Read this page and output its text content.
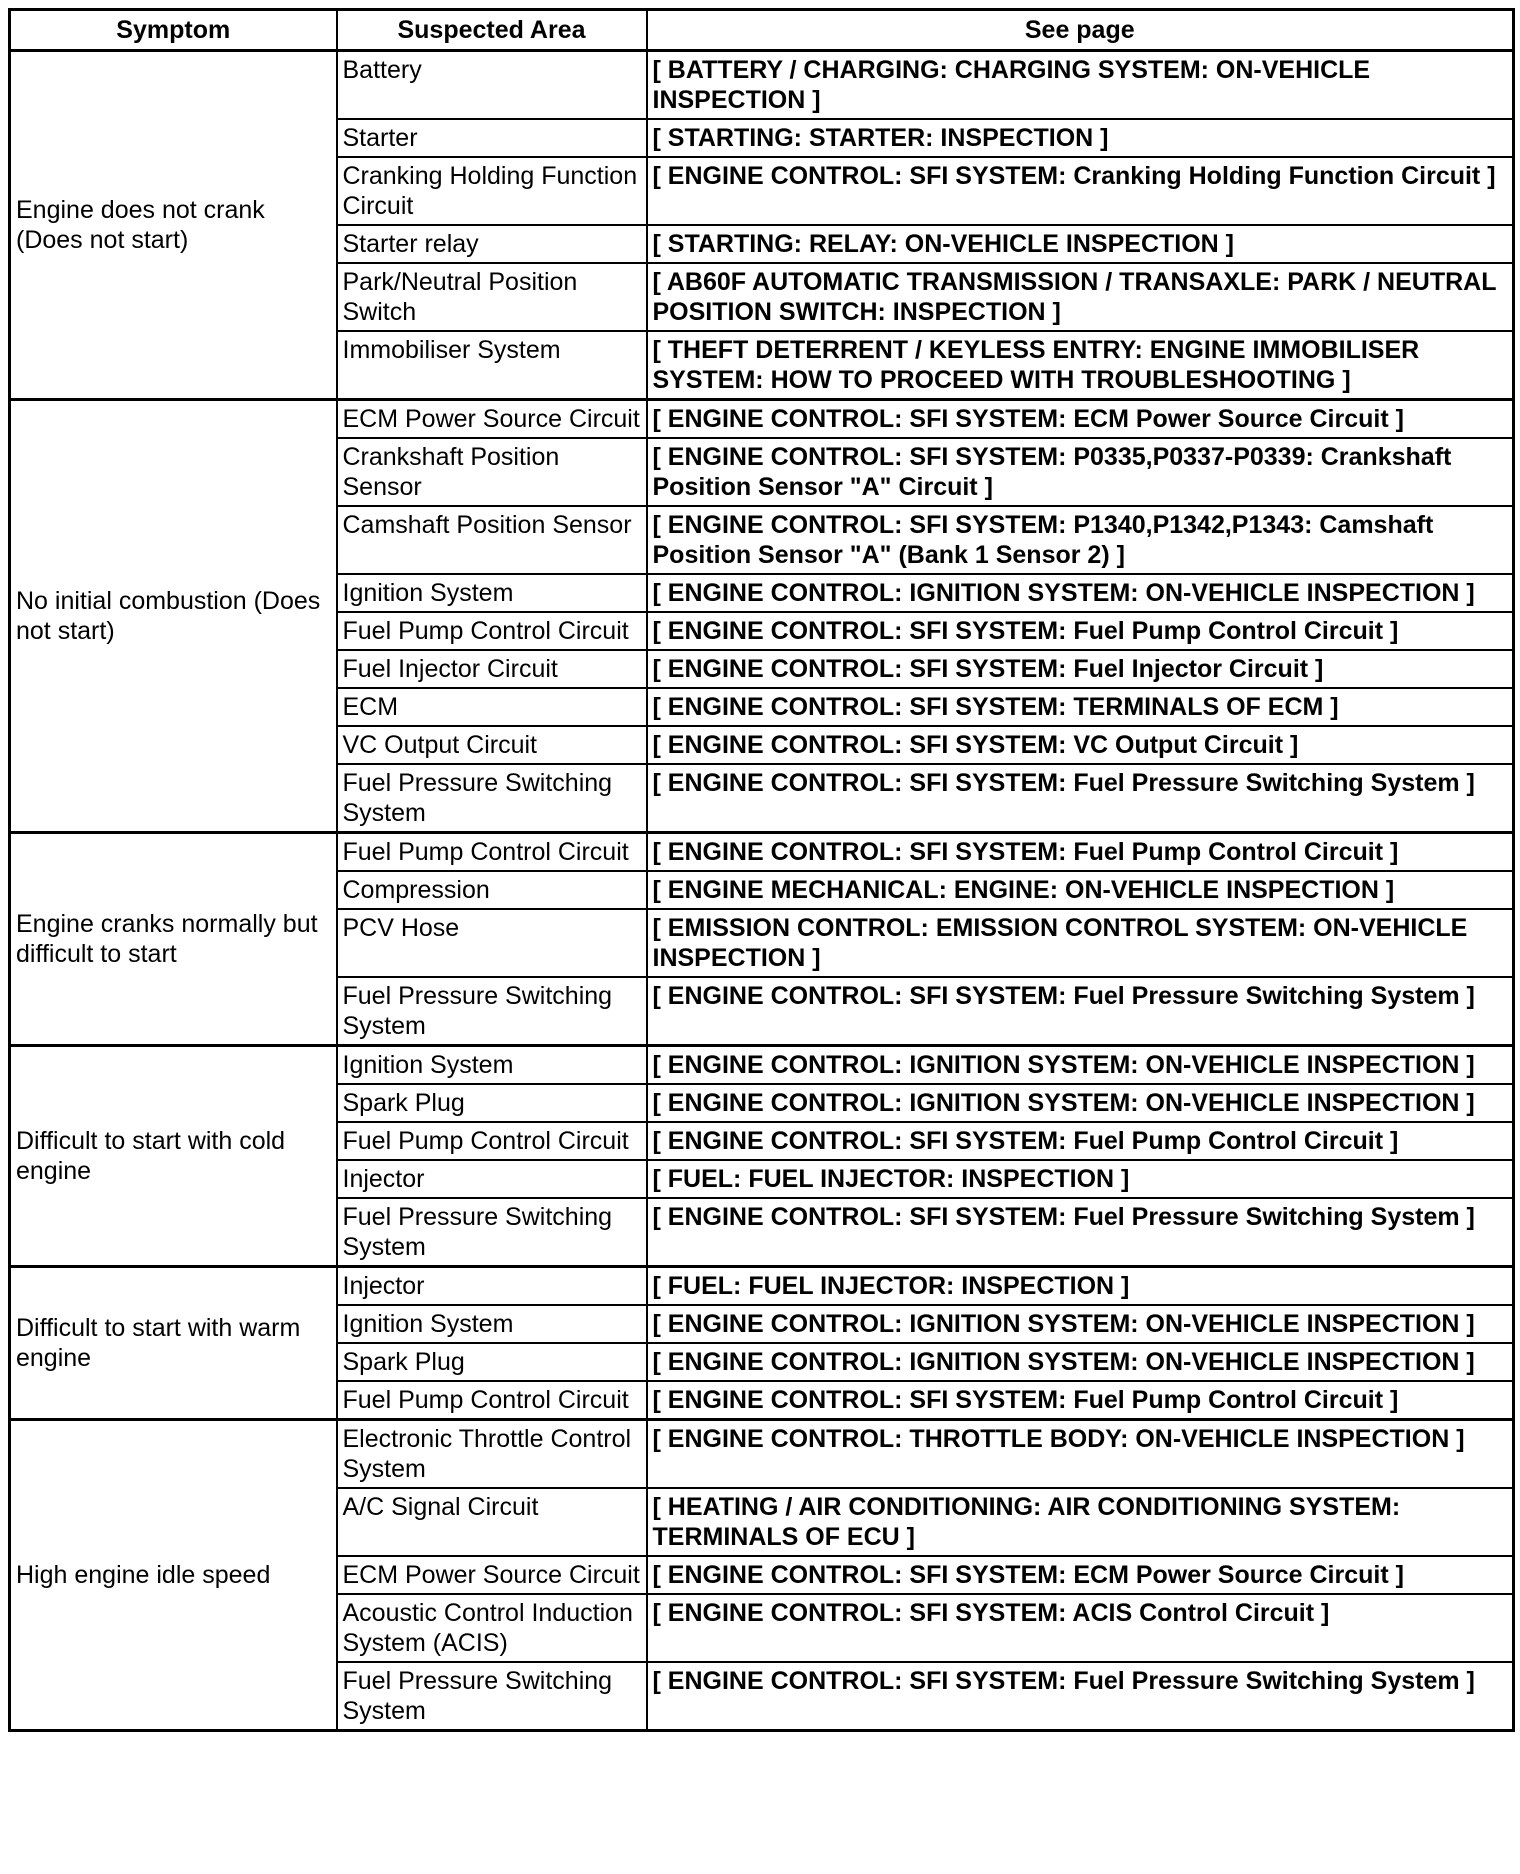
Symptom	Suspected Area	See page
Engine does not crank (Does not start)	Battery	[ BATTERY / CHARGING: CHARGING SYSTEM: ON-VEHICLE INSPECTION ]
	Starter	[ STARTING: STARTER: INSPECTION ]
	Cranking Holding Function Circuit	[ ENGINE CONTROL: SFI SYSTEM: Cranking Holding Function Circuit ]
	Starter relay	[ STARTING: RELAY: ON-VEHICLE INSPECTION ]
	Park/Neutral Position Switch	[ AB60F AUTOMATIC TRANSMISSION / TRANSAXLE: PARK / NEUTRAL POSITION SWITCH: INSPECTION ]
	Immobiliser System	[ THEFT DETERRENT / KEYLESS ENTRY: ENGINE IMMOBILISER SYSTEM: HOW TO PROCEED WITH TROUBLESHOOTING ]
No initial combustion (Does not start)	ECM Power Source Circuit	[ ENGINE CONTROL: SFI SYSTEM: ECM Power Source Circuit ]
	Crankshaft Position Sensor	[ ENGINE CONTROL: SFI SYSTEM: P0335,P0337-P0339: Crankshaft Position Sensor "A" Circuit ]
	Camshaft Position Sensor	[ ENGINE CONTROL: SFI SYSTEM: P1340,P1342,P1343: Camshaft Position Sensor "A" (Bank 1 Sensor 2) ]
	Ignition System	[ ENGINE CONTROL: IGNITION SYSTEM: ON-VEHICLE INSPECTION ]
	Fuel Pump Control Circuit	[ ENGINE CONTROL: SFI SYSTEM: Fuel Pump Control Circuit ]
	Fuel Injector Circuit	[ ENGINE CONTROL: SFI SYSTEM: Fuel Injector Circuit ]
	ECM	[ ENGINE CONTROL: SFI SYSTEM: TERMINALS OF ECM ]
	VC Output Circuit	[ ENGINE CONTROL: SFI SYSTEM: VC Output Circuit ]
	Fuel Pressure Switching System	[ ENGINE CONTROL: SFI SYSTEM: Fuel Pressure Switching System ]
Engine cranks normally but difficult to start	Fuel Pump Control Circuit	[ ENGINE CONTROL: SFI SYSTEM: Fuel Pump Control Circuit ]
	Compression	[ ENGINE MECHANICAL: ENGINE: ON-VEHICLE INSPECTION ]
	PCV Hose	[ EMISSION CONTROL: EMISSION CONTROL SYSTEM: ON-VEHICLE INSPECTION ]
	Fuel Pressure Switching System	[ ENGINE CONTROL: SFI SYSTEM: Fuel Pressure Switching System ]
Difficult to start with cold engine	Ignition System	[ ENGINE CONTROL: IGNITION SYSTEM: ON-VEHICLE INSPECTION ]
	Spark Plug	[ ENGINE CONTROL: IGNITION SYSTEM: ON-VEHICLE INSPECTION ]
	Fuel Pump Control Circuit	[ ENGINE CONTROL: SFI SYSTEM: Fuel Pump Control Circuit ]
	Injector	[ FUEL: FUEL INJECTOR: INSPECTION ]
	Fuel Pressure Switching System	[ ENGINE CONTROL: SFI SYSTEM: Fuel Pressure Switching System ]
Difficult to start with warm engine	Injector	[ FUEL: FUEL INJECTOR: INSPECTION ]
	Ignition System	[ ENGINE CONTROL: IGNITION SYSTEM: ON-VEHICLE INSPECTION ]
	Spark Plug	[ ENGINE CONTROL: IGNITION SYSTEM: ON-VEHICLE INSPECTION ]
	Fuel Pump Control Circuit	[ ENGINE CONTROL: SFI SYSTEM: Fuel Pump Control Circuit ]
High engine idle speed	Electronic Throttle Control System	[ ENGINE CONTROL: THROTTLE BODY: ON-VEHICLE INSPECTION ]
	A/C Signal Circuit	[ HEATING / AIR CONDITIONING: AIR CONDITIONING SYSTEM: TERMINALS OF ECU ]
	ECM Power Source Circuit	[ ENGINE CONTROL: SFI SYSTEM: ECM Power Source Circuit ]
	Acoustic Control Induction System (ACIS)	[ ENGINE CONTROL: SFI SYSTEM: ACIS Control Circuit ]
	Fuel Pressure Switching System	[ ENGINE CONTROL: SFI SYSTEM: Fuel Pressure Switching System ]
